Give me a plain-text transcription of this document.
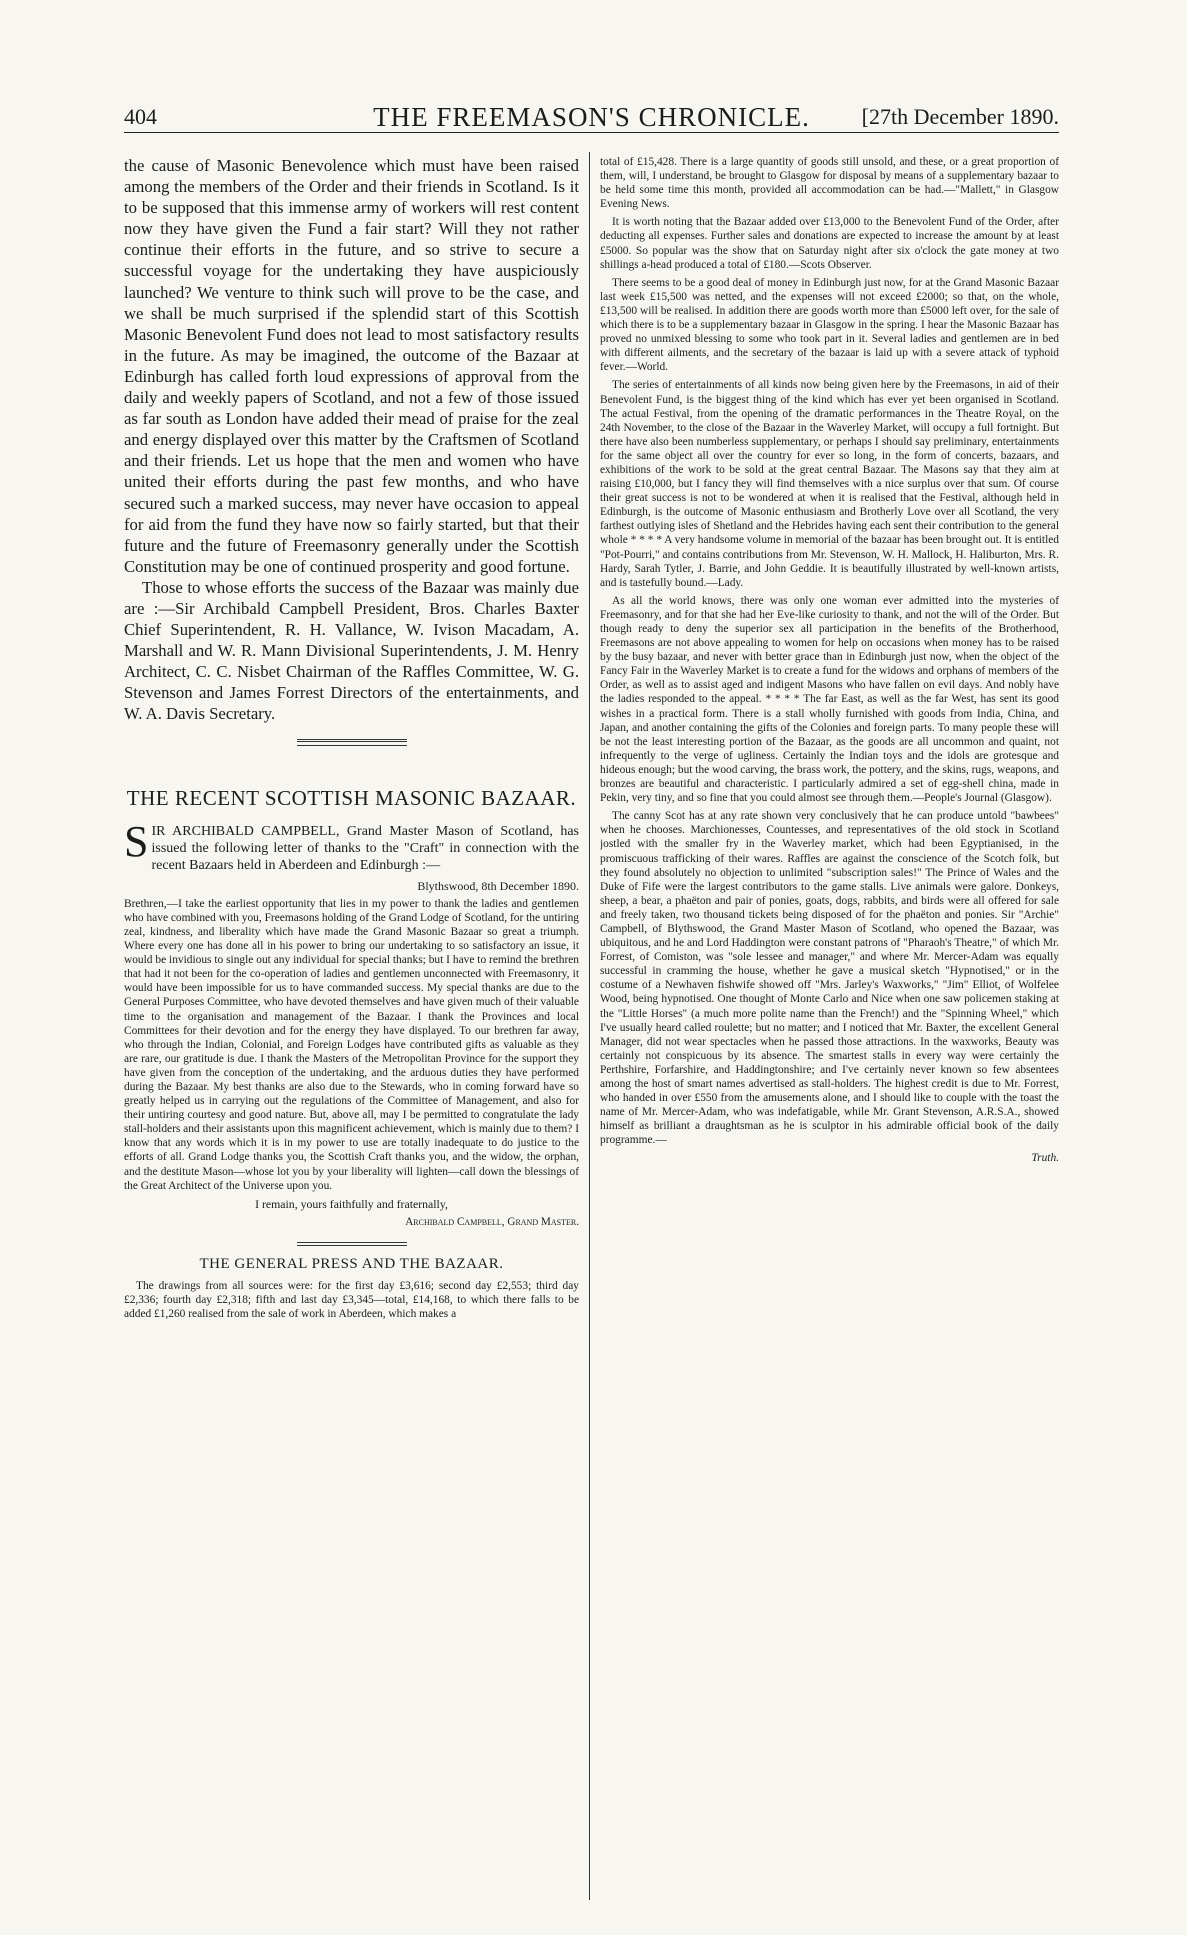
404	THE FREEMASON'S CHRONICLE.	[27th December 1890.

the cause of Masonic Benevolence which must have been raised among the members of the Order and their friends in Scotland. Is it to be supposed that this immense army of workers will rest content now they have given the Fund a fair start? Will they not rather continue their efforts in the future, and so strive to secure a successful voyage for the undertaking they have auspiciously launched? We venture to think such will prove to be the case, and we shall be much surprised if the splendid start of this Scottish Masonic Benevolent Fund does not lead to most satisfactory results in the future. As may be imagined, the outcome of the Bazaar at Edinburgh has called forth loud expressions of approval from the daily and weekly papers of Scotland, and not a few of those issued as far south as London have added their mead of praise for the zeal and energy displayed over this matter by the Craftsmen of Scotland and their friends. Let us hope that the men and women who have united their efforts during the past few months, and who have secured such a marked success, may never have occasion to appeal for aid from the fund they have now so fairly started, but that their future and the future of Freemasonry generally under the Scottish Constitution may be one of continued prosperity and good fortune.

Those to whose efforts the success of the Bazaar was mainly due are :—Sir Archibald Campbell President, Bros. Charles Baxter Chief Superintendent, R. H. Vallance, W. Ivison Macadam, A. Marshall and W. R. Mann Divisional Superintendents, J. M. Henry Architect, C. C. Nisbet Chairman of the Raffles Committee, W. G. Stevenson and James Forrest Directors of the entertainments, and W. A. Davis Secretary.

THE RECENT SCOTTISH MASONIC BAZAAR.
SIR ARCHIBALD CAMPBELL, Grand Master Mason of Scotland, has issued the following letter of thanks to the "Craft" in connection with the recent Bazaars held in Aberdeen and Edinburgh :—
Blythswood, 8th December 1890.

Brethren,—I take the earliest opportunity that lies in my power to thank the ladies and gentlemen who have combined with you, Freemasons holding of the Grand Lodge of Scotland, for the untiring zeal, kindness, and liberality which have made the Grand Masonic Bazaar so great a triumph. Where every one has done all in his power to bring our undertaking to so satisfactory an issue, it would be invidious to single out any individual for special thanks; but I have to remind the brethren that had it not been for the co-operation of ladies and gentlemen unconnected with Freemasonry, it would have been impossible for us to have commanded success. My special thanks are due to the General Purposes Committee, who have devoted themselves and have given much of their valuable time to the organisation and management of the Bazaar. I thank the Provinces and local Committees for their devotion and for the energy they have displayed. To our brethren far away, who through the Indian, Colonial, and Foreign Lodges have contributed gifts as valuable as they are rare, our gratitude is due. I thank the Masters of the Metropolitan Province for the support they have given from the conception of the undertaking, and the arduous duties they have performed during the Bazaar. My best thanks are also due to the Stewards, who in coming forward have so greatly helped us in carrying out the regulations of the Committee of Management, and also for their untiring courtesy and good nature. But, above all, may I be permitted to congratulate the lady stall-holders and their assistants upon this magnificent achievement, which is mainly due to them? I know that any words which it is in my power to use are totally inadequate to do justice to the efforts of all. Grand Lodge thanks you, the Scottish Craft thanks you, and the widow, the orphan, and the destitute Mason—whose lot you by your liberality will lighten—call down the blessings of the Great Architect of the Universe upon you.

I remain, yours faithfully and fraternally,
Archibald Campbell, Grand Master.
THE GENERAL PRESS AND THE BAZAAR.

The drawings from all sources were: for the first day £3,616; second day £2,553; third day £2,336; fourth day £2,318; fifth and last day £3,345—total, £14,168, to which there falls to be added £1,260 realised from the sale of work in Aberdeen, which makes a

total of £15,428. There is a large quantity of goods still unsold, and these, or a great proportion of them, will, I understand, be brought to Glasgow for disposal by means of a supplementary bazaar to be held some time this month, provided all accommodation can be had.—"Mallett," in Glasgow Evening News.

It is worth noting that the Bazaar added over £13,000 to the Benevolent Fund of the Order, after deducting all expenses. Further sales and donations are expected to increase the amount by at least £5000. So popular was the show that on Saturday night after six o'clock the gate money at two shillings a-head produced a total of £180.—Scots Observer.

There seems to be a good deal of money in Edinburgh just now, for at the Grand Masonic Bazaar last week £15,500 was netted, and the expenses will not exceed £2000; so that, on the whole, £13,500 will be realised. In addition there are goods worth more than £5000 left over, for the sale of which there is to be a supplementary bazaar in Glasgow in the spring. I hear the Masonic Bazaar has proved no unmixed blessing to some who took part in it. Several ladies and gentlemen are in bed with different ailments, and the secretary of the bazaar is laid up with a severe attack of typhoid fever.—World.

The series of entertainments of all kinds now being given here by the Freemasons, in aid of their Benevolent Fund, is the biggest thing of the kind which has ever yet been organised in Scotland. The actual Festival, from the opening of the dramatic performances in the Theatre Royal, on the 24th November, to the close of the Bazaar in the Waverley Market, will occupy a full fortnight. But there have also been numberless supplementary, or perhaps I should say preliminary, entertainments for the same object all over the country for ever so long, in the form of concerts, bazaars, and exhibitions of the work to be sold at the great central Bazaar. The Masons say that they aim at raising £10,000, but I fancy they will find themselves with a nice surplus over that sum. Of course their great success is not to be wondered at when it is realised that the Festival, although held in Edinburgh, is the outcome of Masonic enthusiasm and Brotherly Love over all Scotland, the very farthest outlying isles of Shetland and the Hebrides having each sent their contribution to the general whole * * * * A very handsome volume in memorial of the bazaar has been brought out. It is entitled "Pot-Pourri," and contains contributions from Mr. Stevenson, W. H. Mallock, H. Haliburton, Mrs. R. Hardy, Sarah Tytler, J. Barrie, and John Geddie. It is beautifully illustrated by well-known artists, and is tastefully bound.—Lady.

As all the world knows, there was only one woman ever admitted into the mysteries of Freemasonry, and for that she had her Eve-like curiosity to thank, and not the will of the Order. But though ready to deny the superior sex all participation in the benefits of the Brotherhood, Freemasons are not above appealing to women for help on occasions when money has to be raised by the busy bazaar, and never with better grace than in Edinburgh just now, when the object of the Fancy Fair in the Waverley Market is to create a fund for the widows and orphans of members of the Order, as well as to assist aged and indigent Masons who have fallen on evil days. And nobly have the ladies responded to the appeal. * * * * The far East, as well as the far West, has sent its good wishes in a practical form. There is a stall wholly furnished with goods from India, China, and Japan, and another containing the gifts of the Colonies and foreign parts. To many people these will be not the least interesting portion of the Bazaar, as the goods are all uncommon and quaint, not infrequently to the verge of ugliness. Certainly the Indian toys and the idols are grotesque and hideous enough; but the wood carving, the brass work, the pottery, and the skins, rugs, weapons, and bronzes are beautiful and characteristic. I particularly admired a set of egg-shell china, made in Pekin, very tiny, and so fine that you could almost see through them.—People's Journal (Glasgow).

The canny Scot has at any rate shown very conclusively that he can produce untold "bawbees" when he chooses. Marchionesses, Countesses, and representatives of the old stock in Scotland jostled with the smaller fry in the Waverley market, which had been Egyptianised, in the promiscuous trafficking of their wares. Raffles are against the conscience of the Scotch folk, but they found absolutely no objection to unlimited "subscription sales!" The Prince of Wales and the Duke of Fife were the largest contributors to the game stalls. Live animals were galore. Donkeys, sheep, a bear, a phaëton and pair of ponies, goats, dogs, rabbits, and birds were all offered for sale and freely taken, two thousand tickets being disposed of for the phaëton and ponies. Sir "Archie" Campbell, of Blythswood, the Grand Master Mason of Scotland, who opened the Bazaar, was ubiquitous, and he and Lord Haddington were constant patrons of "Pharaoh's Theatre," of which Mr. Forrest, of Comiston, was "sole lessee and manager," and where Mr. Mercer-Adam was equally successful in cramming the house, whether he gave a musical sketch "Hypnotised," or in the costume of a Newhaven fishwife showed off "Mrs. Jarley's Waxworks," "Jim" Elliot, of Wolfelee Wood, being hypnotised. One thought of Monte Carlo and Nice when one saw policemen staking at the "Little Horses" (a much more polite name than the French!) and the "Spinning Wheel," which I've usually heard called roulette; but no matter; and I noticed that Mr. Baxter, the excellent General Manager, did not wear spectacles when he passed those attractions. In the waxworks, Beauty was certainly not conspicuous by its absence. The smartest stalls in every way were certainly the Perthshire, Forfarshire, and Haddingtonshire; and I've certainly never known so few absentees among the host of smart names advertised as stall-holders. The highest credit is due to Mr. Forrest, who handed in over £550 from the amusements alone, and I should like to couple with the toast the name of Mr. Mercer-Adam, who was indefatigable, while Mr. Grant Stevenson, A.R.S.A., showed himself as brilliant a draughtsman as he is sculptor in his admirable official book of the daily programme.—

Truth.
